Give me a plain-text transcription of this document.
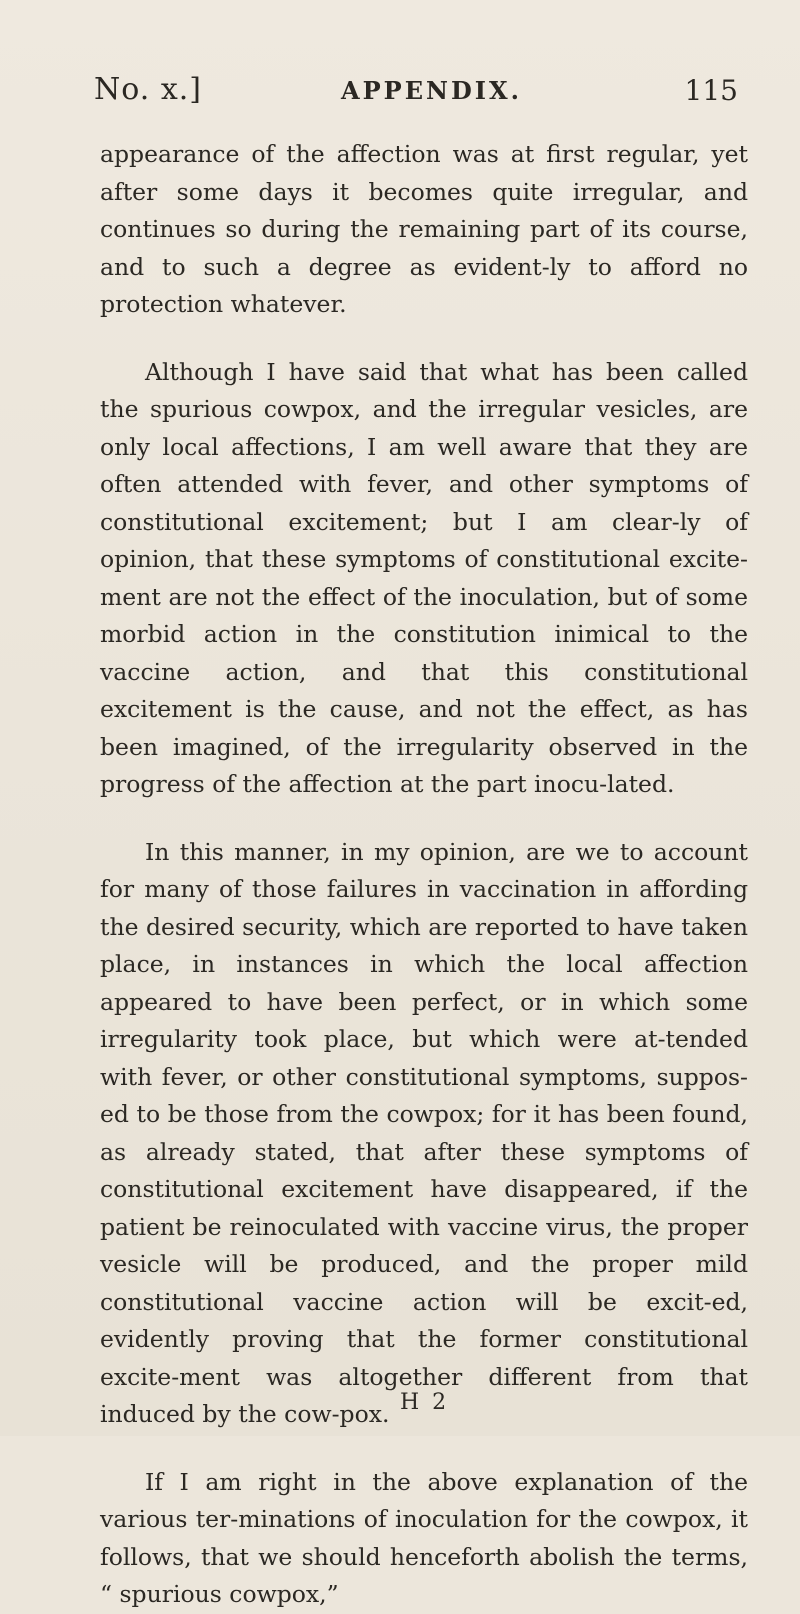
No. x.]	APPENDIX.	115

appearance of the affection was at first regular, yet after some days it becomes quite irregular, and continues so during the remaining part of its course, and to such a degree as evident-ly to afford no protection whatever.

Although I have said that what has been called the spurious cowpox, and the irregular vesicles, are only local affections, I am well aware that they are often attended with fever, and other symptoms of constitutional excitement; but I am clear-ly of opinion, that these symptoms of constitutional excite-ment are not the effect of the inoculation, but of some morbid action in the constitution inimical to the vaccine action, and that this constitutional excitement is the cause, and not the effect, as has been imagined, of the irregularity observed in the progress of the affection at the part inocu-lated.

In this manner, in my opinion, are we to account for many of those failures in vaccination in affording the desired security, which are reported to have taken place, in instances in which the local affection appeared to have been perfect, or in which some irregularity took place, but which were at-tended with fever, or other constitutional symptoms, suppos-ed to be those from the cowpox; for it has been found, as already stated, that after these symptoms of constitutional excitement have disappeared, if the patient be reinoculated with vaccine virus, the proper vesicle will be produced, and the proper mild constitutional vaccine action will be excit-ed, evidently proving that the former constitutional excite-ment was altogether different from that induced by the cow-pox.

If I am right in the above explanation of the various ter-minations of inoculation for the cowpox, it follows, that we should henceforth abolish the terms, “ spurious cowpox,”

H 2
